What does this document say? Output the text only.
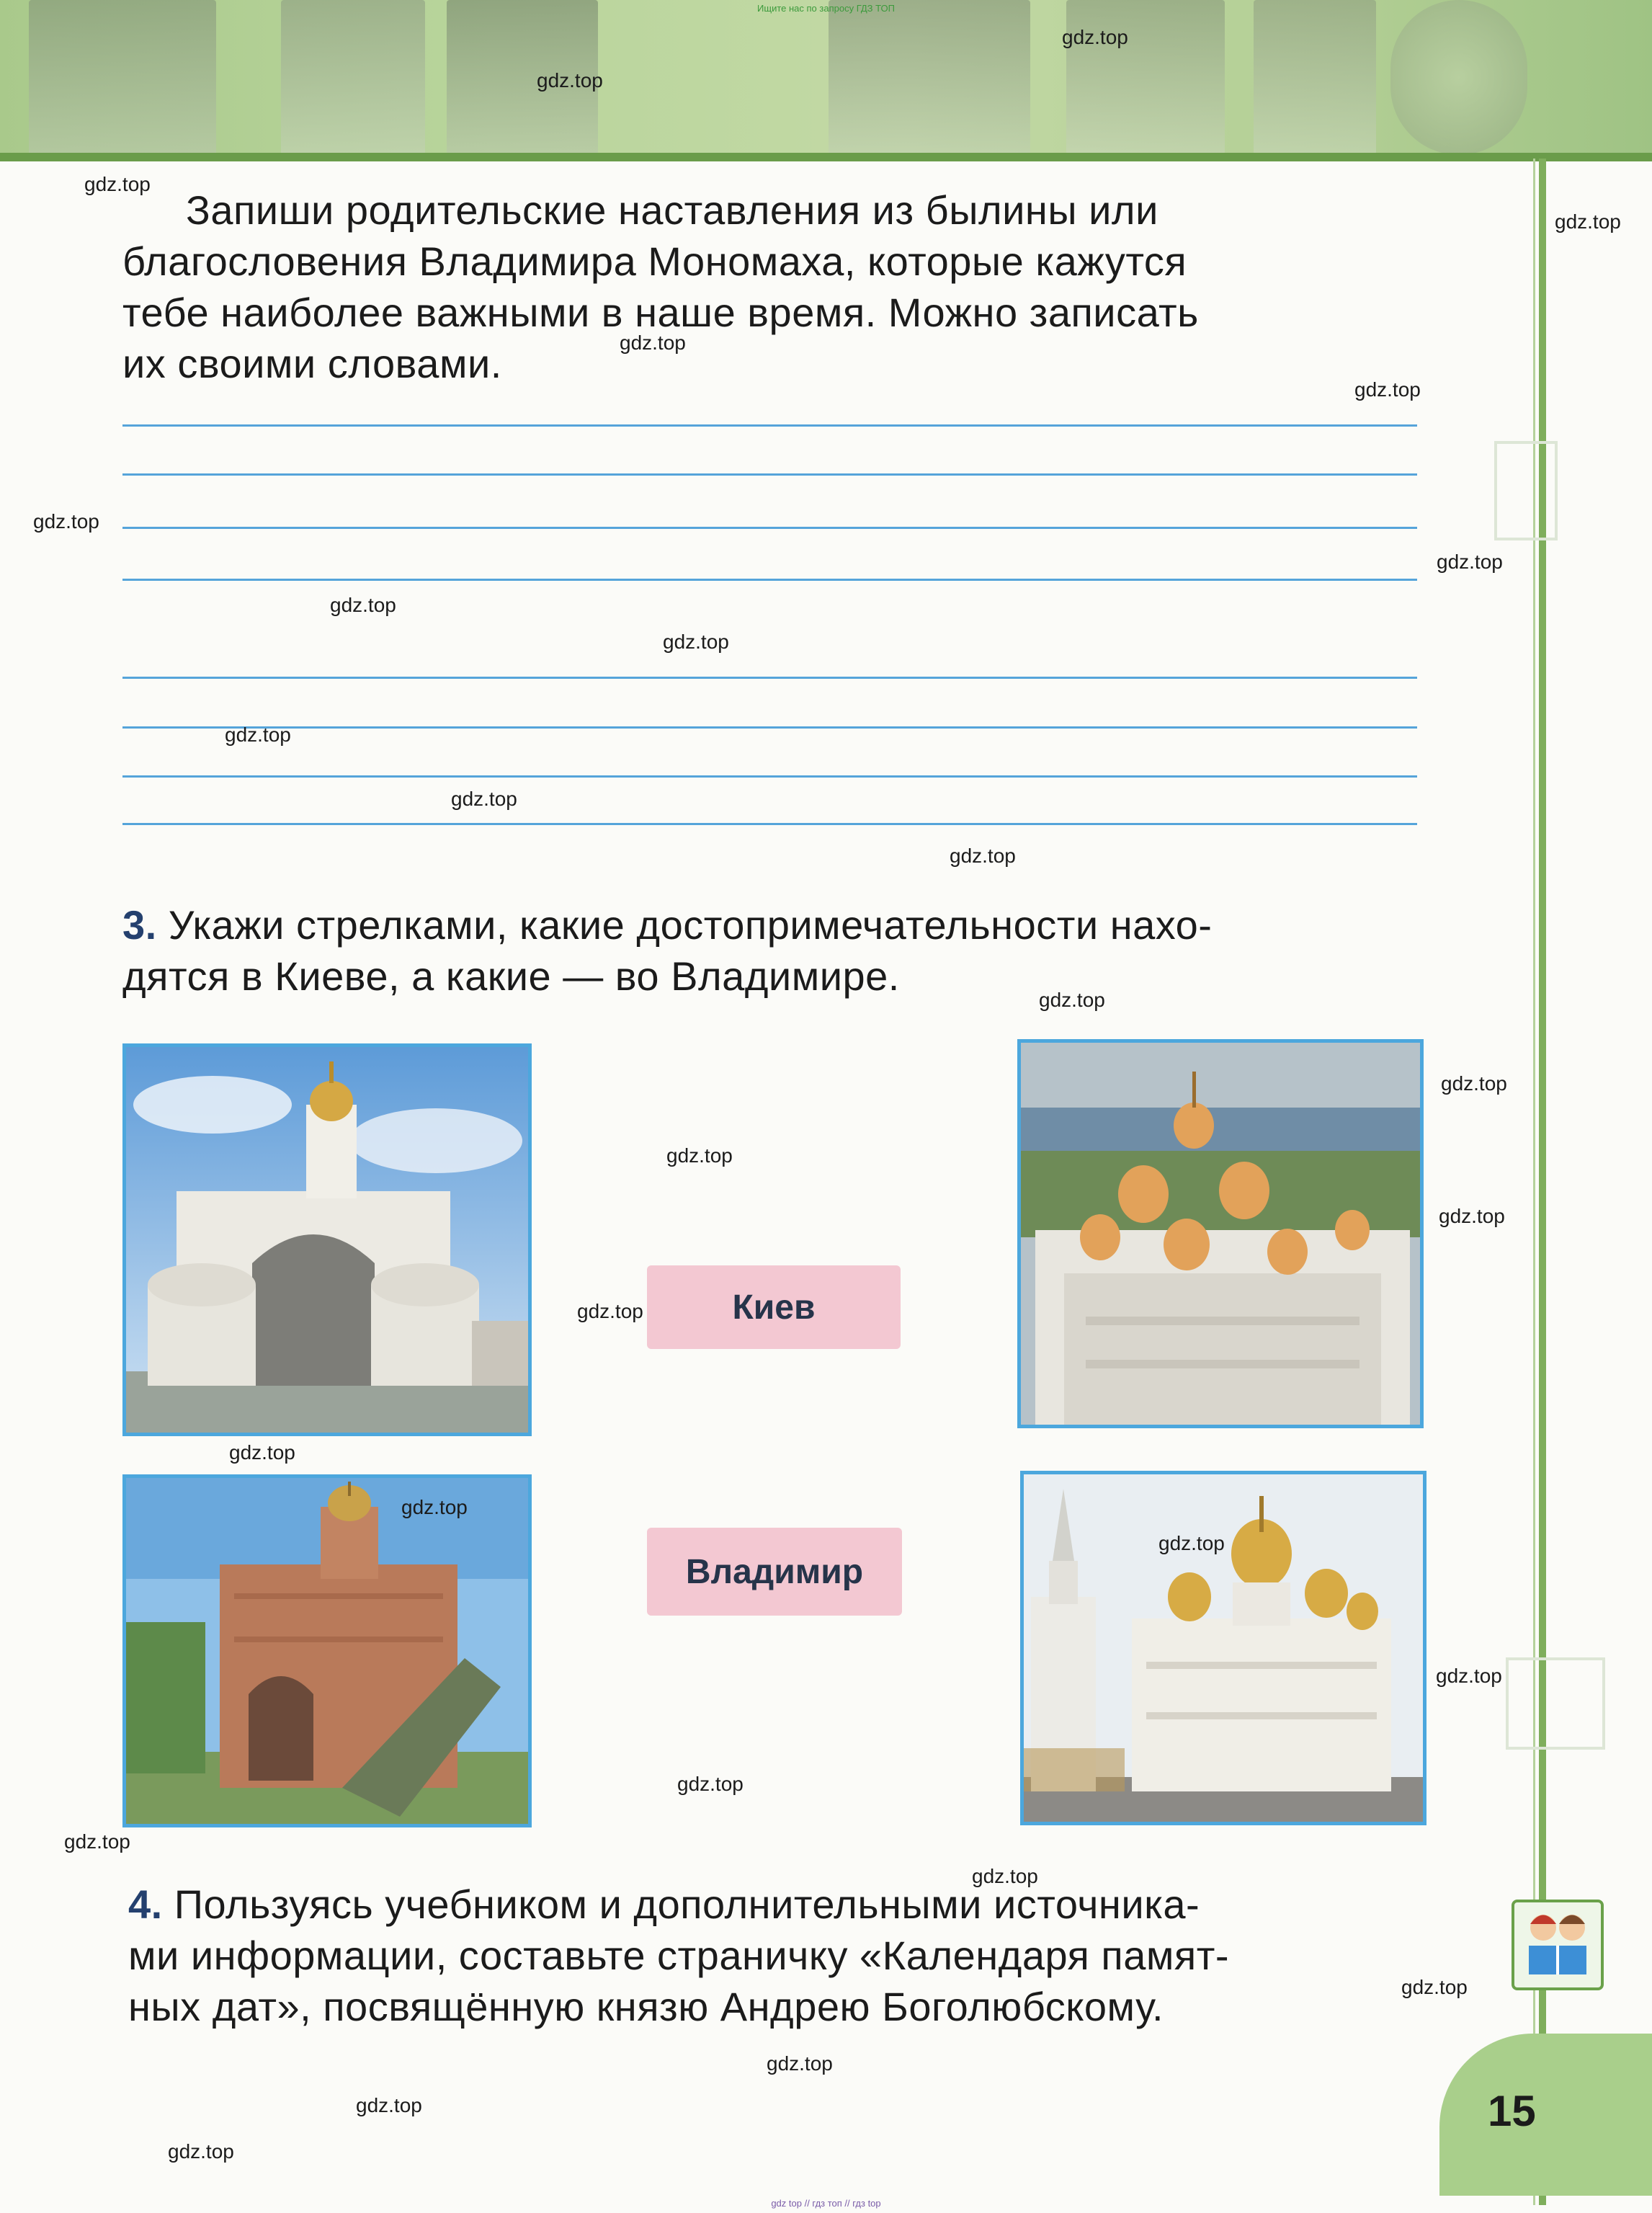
Ищите нас по запросу ГДЗ ТОП
Запиши родительские наставления из былины или
благословения Владимира Мономаха, которые кажутся
тебе наиболее важными в наше время. Можно записать
их своими словами.
3. Укажи стрелками, какие достопримечательности нахо-
дятся в Киеве, а какие — во Владимире.
Киев
Владимир
4. Пользуясь учебником и дополнительными источника-
ми информации, составьте страничку «Календаря памят-
ных дат», посвящённую князю Андрею Боголюбскому.
15
gdz.top
gdz.top
gdz.top
gdz.top
gdz.top
gdz.top
gdz.top
gdz.top
gdz.top
gdz.top
gdz.top
gdz.top
gdz.top
gdz.top
gdz.top
gdz.top
gdz.top
gdz.top
gdz.top
gdz.top
gdz.top
gdz.top
gdz.top
gdz.top
gdz.top
gdz.top
gdz.top
gdz.top
gdz.top
gdz top // гдз топ // гдз top
